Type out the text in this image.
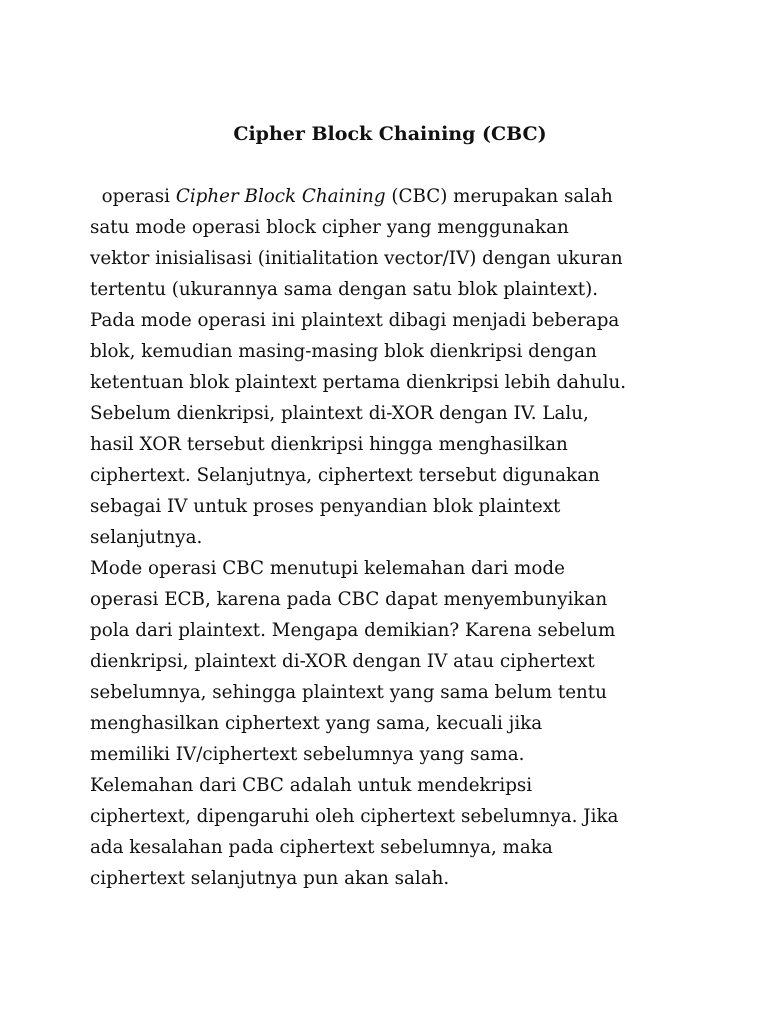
Cipher Block Chaining (CBC)

operasi Cipher Block Chaining (CBC) merupakan salah
satu mode operasi block cipher yang menggunakan
vektor inisialisasi (initialitation vector/IV) dengan ukuran
tertentu (ukurannya sama dengan satu blok plaintext).
Pada mode operasi ini plaintext dibagi menjadi beberapa
blok, kemudian masing-masing blok dienkripsi dengan
ketentuan blok plaintext pertama dienkripsi lebih dahulu.
Sebelum dienkripsi, plaintext di-XOR dengan IV. Lalu,
hasil XOR tersebut dienkripsi hingga menghasilkan
ciphertext. Selanjutnya, ciphertext tersebut digunakan
sebagai IV untuk proses penyandian blok plaintext
selanjutnya.
Mode operasi CBC menutupi kelemahan dari mode
operasi ECB, karena pada CBC dapat menyembunyikan
pola dari plaintext. Mengapa demikian? Karena sebelum
dienkripsi, plaintext di-XOR dengan IV atau ciphertext
sebelumnya, sehingga plaintext yang sama belum tentu
menghasilkan ciphertext yang sama, kecuali jika
memiliki IV/ciphertext sebelumnya yang sama.
Kelemahan dari CBC adalah untuk mendekripsi
ciphertext, dipengaruhi oleh ciphertext sebelumnya. Jika
ada kesalahan pada ciphertext sebelumnya, maka
ciphertext selanjutnya pun akan salah.
